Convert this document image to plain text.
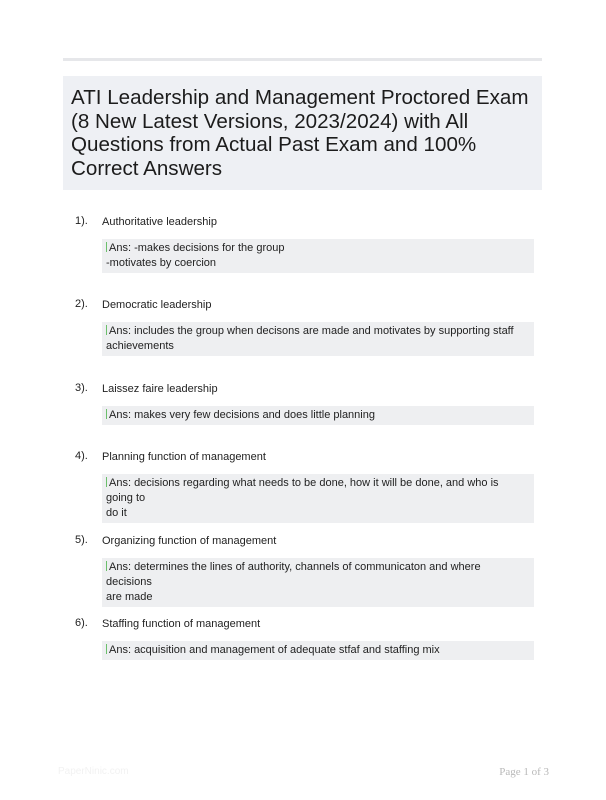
ATI Leadership and Management Proctored Exam (8 New Latest Versions, 2023/2024) with All Questions from Actual Past Exam and 100% Correct Answers
1). Authoritative leadership
Ans: -makes decisions for the group
-motivates by coercion
2). Democratic leadership
Ans: includes the group when decisons are made and motivates by supporting staff
achievements
3). Laissez faire leadership
Ans: makes very few decisions and does little planning
4). Planning function of management
Ans: decisions regarding what needs to be done, how it will be done, and who is going to
do it
5). Organizing function of management
Ans: determines the lines of authority, channels of communicaton and where decisions
are made
6). Staffing function of management
Ans: acquisition and management of adequate stfaf and staffing mix
PaperNinic.com	Page 1 of 3
